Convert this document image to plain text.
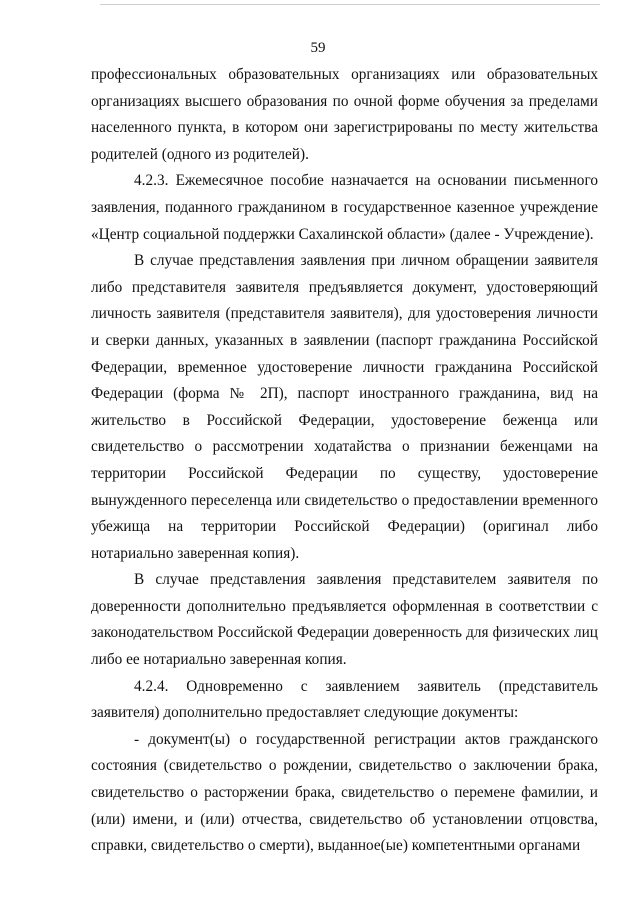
59

профессиональных образовательных организациях или образовательных организациях высшего образования по очной форме обучения за пределами населенного пункта, в котором они зарегистрированы по месту жительства родителей (одного из родителей).

4.2.3. Ежемесячное пособие назначается на основании письменного заявления, поданного гражданином в государственное казенное учреждение «Центр социальной поддержки Сахалинской области» (далее - Учреждение).

В случае представления заявления при личном обращении заявителя либо представителя заявителя предъявляется документ, удостоверяющий личность заявителя (представителя заявителя), для удостоверения личности и сверки данных, указанных в заявлении (паспорт гражданина Российской Федерации, временное удостоверение личности гражданина Российской Федерации (форма № 2П), паспорт иностранного гражданина, вид на жительство в Российской Федерации, удостоверение беженца или свидетельство о рассмотрении ходатайства о признании беженцами на территории Российской Федерации по существу, удостоверение вынужденного переселенца или свидетельство о предоставлении временного убежища на территории Российской Федерации) (оригинал либо нотариально заверенная копия).

В случае представления заявления представителем заявителя по доверенности дополнительно предъявляется оформленная в соответствии с законодательством Российской Федерации доверенность для физических лиц либо ее нотариально заверенная копия.

4.2.4. Одновременно с заявлением заявитель (представитель заявителя) дополнительно предоставляет следующие документы:

- документ(ы) о государственной регистрации актов гражданского состояния (свидетельство о рождении, свидетельство о заключении брака, свидетельство о расторжении брака, свидетельство о перемене фамилии, и (или) имени, и (или) отчества, свидетельство об установлении отцовства, справки, свидетельство о смерти), выданное(ые) компетентными органами
